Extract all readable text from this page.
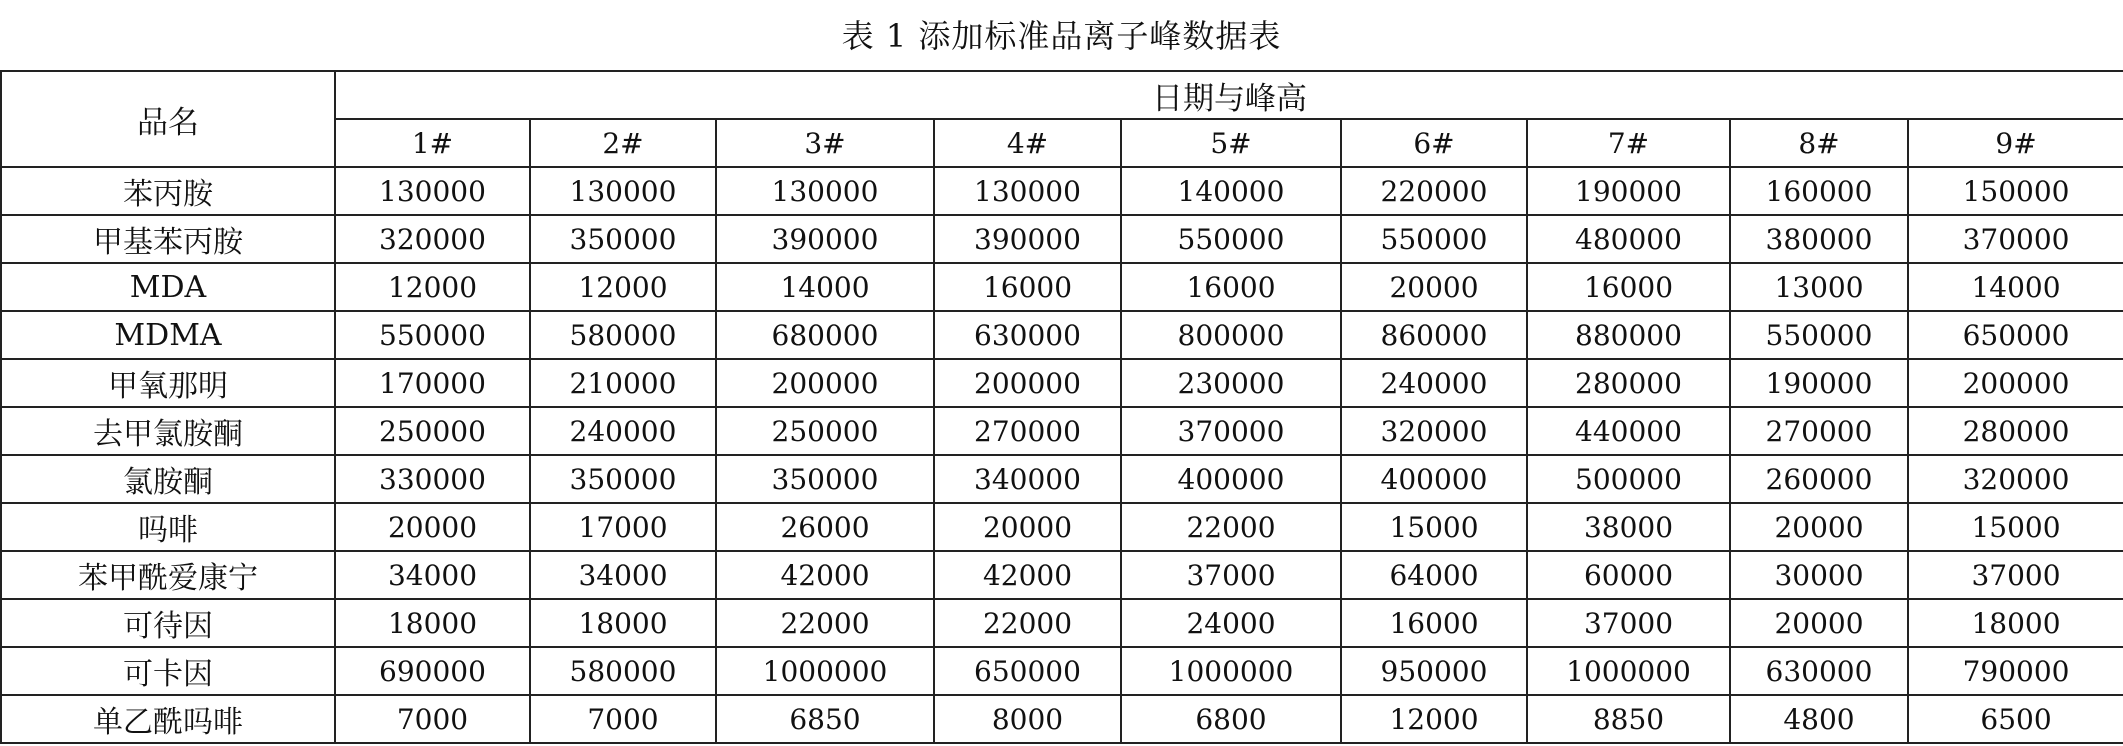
表 1 添加标准品离子峰数据表
品名	日期与峰高								
	1#	2#	3#	4#	5#	6#	7#	8#	9#
苯丙胺	130000	130000	130000	130000	140000	220000	190000	160000	150000
甲基苯丙胺	320000	350000	390000	390000	550000	550000	480000	380000	370000
MDA	12000	12000	14000	16000	16000	20000	16000	13000	14000
MDMA	550000	580000	680000	630000	800000	860000	880000	550000	650000
甲氧那明	170000	210000	200000	200000	230000	240000	280000	190000	200000
去甲氯胺酮	250000	240000	250000	270000	370000	320000	440000	270000	280000
氯胺酮	330000	350000	350000	340000	400000	400000	500000	260000	320000
吗啡	20000	17000	26000	20000	22000	15000	38000	20000	15000
苯甲酰爱康宁	34000	34000	42000	42000	37000	64000	60000	30000	37000
可待因	18000	18000	22000	22000	24000	16000	37000	20000	18000
可卡因	690000	580000	1000000	650000	1000000	950000	1000000	630000	790000
单乙酰吗啡	7000	7000	6850	8000	6800	12000	8850	4800	6500
